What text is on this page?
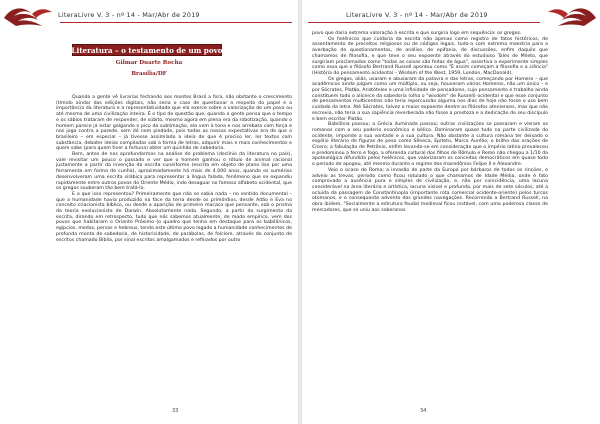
LiteraLivre V. 3 - nº 14 - Mar/Abr de 2019
Literatura – o testamento de um povo
Gilmar Duarte Rocha
Brasília/DF

Quando a gente vê livrarias fechando aos montes Brasil a fora, não obstante o crescimento (tímido ainda) das edições digitais, não seria o caso de questionar a respeito do papel e a importância da literatura e a representatividade que ela exerce sobre a valorização de um povo ou até mesmo de uma civilização inteira. É o tipo de questão que, quando a gente pensa que o tempo e os sábios trataram de responder, de súbito, mesmo agora em plena era da robotização, quando o homem parece já estar galgando o pico da sublimação, ela vem à tona e nos arrebata com força e nos joga contra a parede, sem dó nem piedade, pois todas as nossas expectativas era de que o brasileiro – em especial – já tivesse assimilado a ideia de que é preciso ler, ler textos com substância, debater ideias compiladas sob a forma de letras, adquirir mais e mais conhecimentos e quem sabe (para quem tiver a fortuna) obter um quinhão de sabedoria.

Bem, antes de nos aprofundarmos na análise do problema (declínio da literatura no país), vale revisitar um pouco o passado e ver que o homem ganhou o rótulo de animal racional justamente a partir da invenção da escrita cuneiforme (escrita em objeto de plano liso por uma ferramenta em forma de cunha), aproximadamente há mais de 4.000 anos, quando os sumérios desenvolveram uma escrita silábica para representar a língua falada, fenômeno que se expandiu rapidamente entre outros povos do Oriente Médio, indo desaguar no famoso alfabeto ocidental, que os gregos souberam tão bem tratá-lo.

E o que isso representou? Primeiramente que não se sabia nada – no sentido documental – que a humanidade havia produzido na face da terra desde os primórdios, desde Adão e Eva no conceito criacionista bíblico, ou desde a aparição do primeiro macaco que pensante, sob o prisma da teoria evolucionista de Darwin. Absolutamente nada. Segundo, a partir do surgimento da escrita, dirando em retrospecto, tudo que nós sabemos atualmente, de modo empírico, vem dos povos que habitaram o Oriente Próximo (o quadro que tenha em destaque para os babilônicos, egípcios, medas, persas e hebreus, tendo este último povo legado a humanidade conhecimentos de profunda monta de sabedoria, de historicidade, de parábolas, de folclore, através do conjunto de escritos chamado Bíblia, por sinal escritos amalgamados e refinados por outro

33
LiteraLivre V. 3 - nº 14 - Mar/Abr de 2019

povo que daria extrema valoração à escrita e que surgiria logo em sequência: os gregos.

Os helênicos que cuidaria da escrita não apenas como registro de fatos históricos, de assentamento de preceitos religiosos ou de códigos legais, tudo-a com extrema maestria para a averbação de questionamentos, de análise, de epifania, de discussões, enfim daquilo que chamamos de filosofia, e que teve o seu expoente através do estudioso Tales de Mileto, que surgiriam proclamados como "todas as coisas são feitas de água", assertiva a experimente simples como essa que o filósofo Bertrand Russell apontou como "É assim começam a filosofia e a ciência" (História do pensamento ocidental – Wisdom of the West, 1959, London, MacDonald).

Os gregos, aliás, usaram e abusaram da palavra e das letras, começando por Homero – que acadêmicos ainda julgam como um múltiplo, ou seja, houveram vários Homeros, não um único – e por Sócrates, Platão, Aristóteles e uma infinidade de pensadores, cujo pensamento e trabalho ainda constituem todo o alicerce da sabedoria (olha o "wisdom" de Russell) ocidental e que esse conjunto de pensamentos multicentros não teria repercussão alguma nos dias de hoje não fosse o uso bem cuidado da letra. Até Sócrates, talvez o maior expoente dentre os filósofos atenienses, mas que não escrevia, não teria a sua sapiência reverberada não fosse a presteza e a dedicação do seu discípulo e bem escritor Platão.

Babilônia passou; a Grécia iluminada passou; outras civilizações se passaram e vieram os romanos com o seu poderio econômico e bélico. Dominaram quase tudo na parte civilizada do ocidente, imponde a sua vontade e a sua cultura. Não obstante a cultura romana ter deixado o espólio literário de figuras de peso como Sêneca, Epíteto, Marco Aurélio; o brilho das orações de Cícero; a fabulação de Petrônio, enfim levando-se em consideração que o império latino prevaleceu e predominou a ferro e fogo, a oferenda cultural dos filhos de Rômulo e Remo não chegou a 1/10 da apoteológica difundida pelos helênicos, que valorizaram os conceitos democráticos em quase todo o período de apogeu, até mesmo durante o regime dos macedônios Felipe II e Alexandre.

Veio o ocaso de Roma; a invasão de parte da Europa por bárbaros de todos os rincões, e adveio as trevas, período como ficou rotulado o que chamamos de Idade Média, onde é fato comprovado a ausência pura e simples de civilização, e, não por coincidência, uma lacuna considerável na área literária e artística, lacuna visível e profunda, por mais de sete séculos, até a ocluida da passagem de Constantinopla (importante rota comercial ocidente-oriente) pelos turcos otomanos, e o consequente advento das grandes navegações. Recorrendo a Bertrand Russell, na obra ibidem, "Socialmente a estrutura feudal medieval ficou instável, com uma poderosa classe de mercadores, que se uniu aos soberanos

34
